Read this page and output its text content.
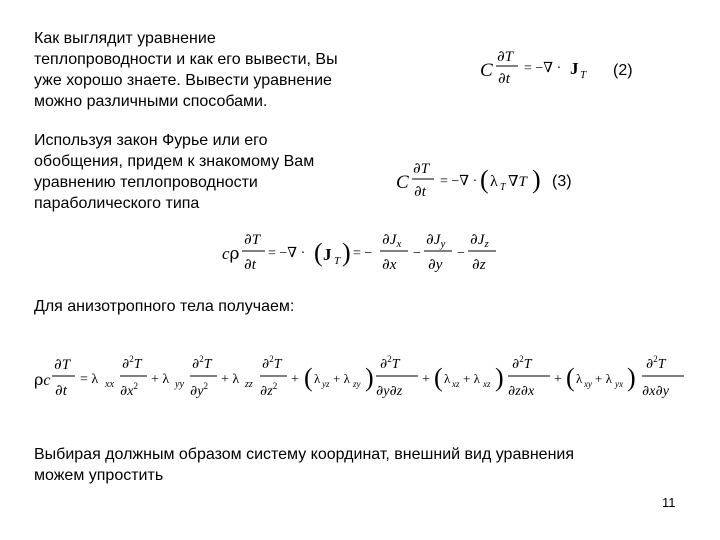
Как выглядит уравнение
теплопроводности и как его вывести, Вы
уже хорошо знаете. Вывести уравнение
можно различными способами.
Используя закон Фурье или его
обобщения, придем к знакомому Вам
уравнению теплопроводности
параболического типа
Для анизотропного тела получаем:
Выбирая должным образом систему координат, внешний вид уравнения
можем упростить
(2)
(3)
11
C
∂T
∂t
= −∇ · J T
C
∂T
∂t
= −∇ · ( λ T ∇T )
cρ
∂T
∂t
= −∇ · ( J T ) = −
$\partial J_x$
∂x
−
$\partial J_y$
∂y
−
$\partial J_z$
∂z
ρc
∂T
∂t
= λ xx
∂$^2$T
$\partial x^2 + \lambda$ yy
∂$^2$T
$\partial y^2 + \lambda$ zz
∂$^2$T
$\partial z^2$ + ( λ yz + λ zy ) ∂$^2$T
∂y∂z
+ ( λ xz + λ xz ) ∂$^2$T
∂z∂x
+ ( λ xy + λ yx ) ∂$^2$T
∂x∂y
